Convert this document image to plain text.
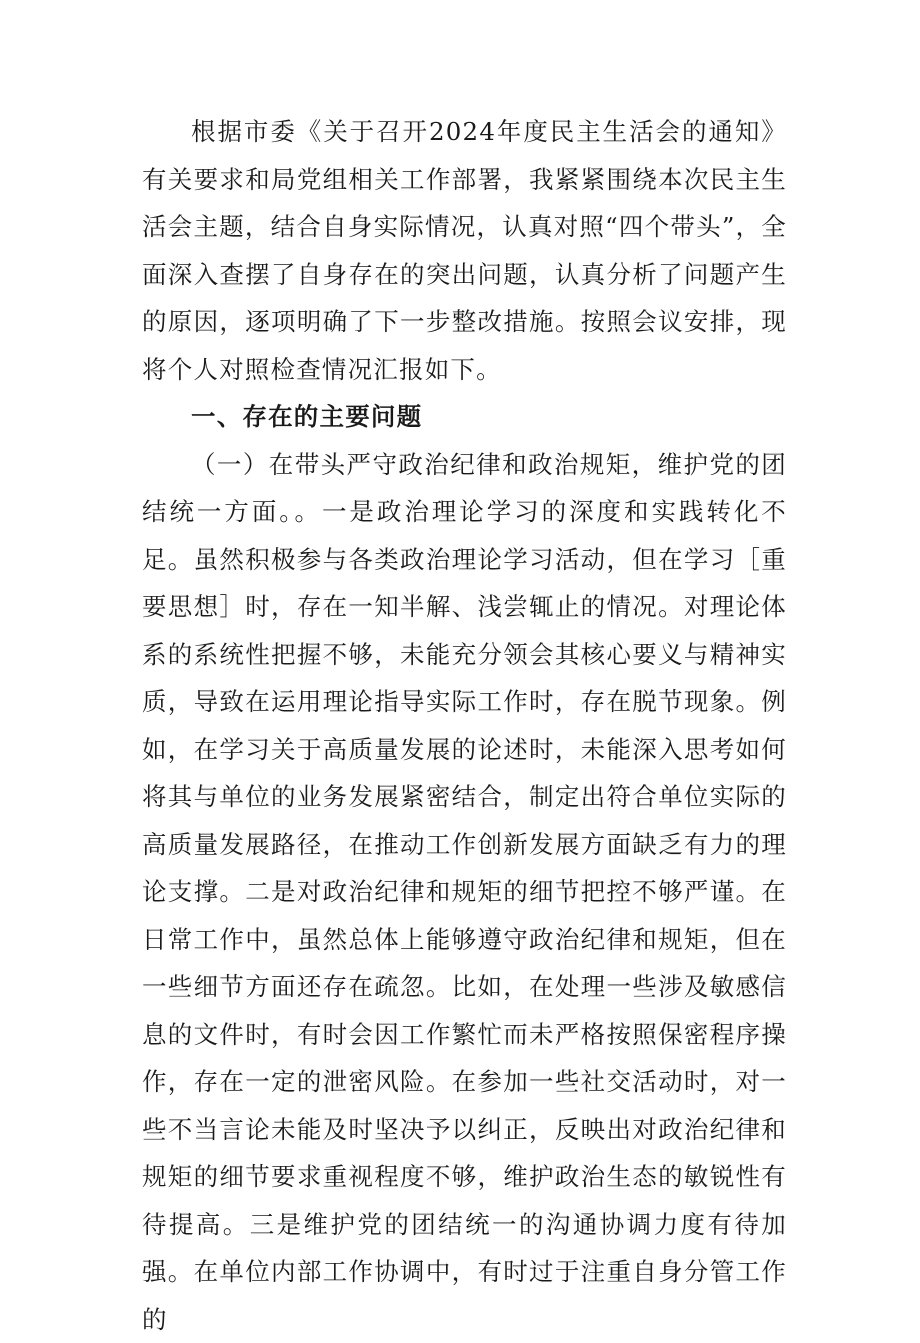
根据市委《关于召开2024年度民主生活会的通知》有关要求和局党组相关工作部署，我紧紧围绕本次民主生活会主题，结合自身实际情况，认真对照“四个带头”，全面深入查摆了自身存在的突出问题，认真分析了问题产生的原因，逐项明确了下一步整改措施。按照会议安排，现将个人对照检查情况汇报如下。

一、存在的主要问题

（一）在带头严守政治纪律和政治规矩，维护党的团结统一方面。。一是政治理论学习的深度和实践转化不足。虽然积极参与各类政治理论学习活动，但在学习［重要思想］时，存在一知半解、浅尝辄止的情况。对理论体系的系统性把握不够，未能充分领会其核心要义与精神实质，导致在运用理论指导实际工作时，存在脱节现象。例如，在学习关于高质量发展的论述时，未能深入思考如何将其与单位的业务发展紧密结合，制定出符合单位实际的高质量发展路径，在推动工作创新发展方面缺乏有力的理论支撑。二是对政治纪律和规矩的细节把控不够严谨。在日常工作中，虽然总体上能够遵守政治纪律和规矩，但在一些细节方面还存在疏忽。比如，在处理一些涉及敏感信息的文件时，有时会因工作繁忙而未严格按照保密程序操作，存在一定的泄密风险。在参加一些社交活动时，对一些不当言论未能及时坚决予以纠正，反映出对政治纪律和规矩的细节要求重视程度不够，维护政治生态的敏锐性有待提高。三是维护党的团结统一的沟通协调力度有待加强。在单位内部工作协调中，有时过于注重自身分管工作的
